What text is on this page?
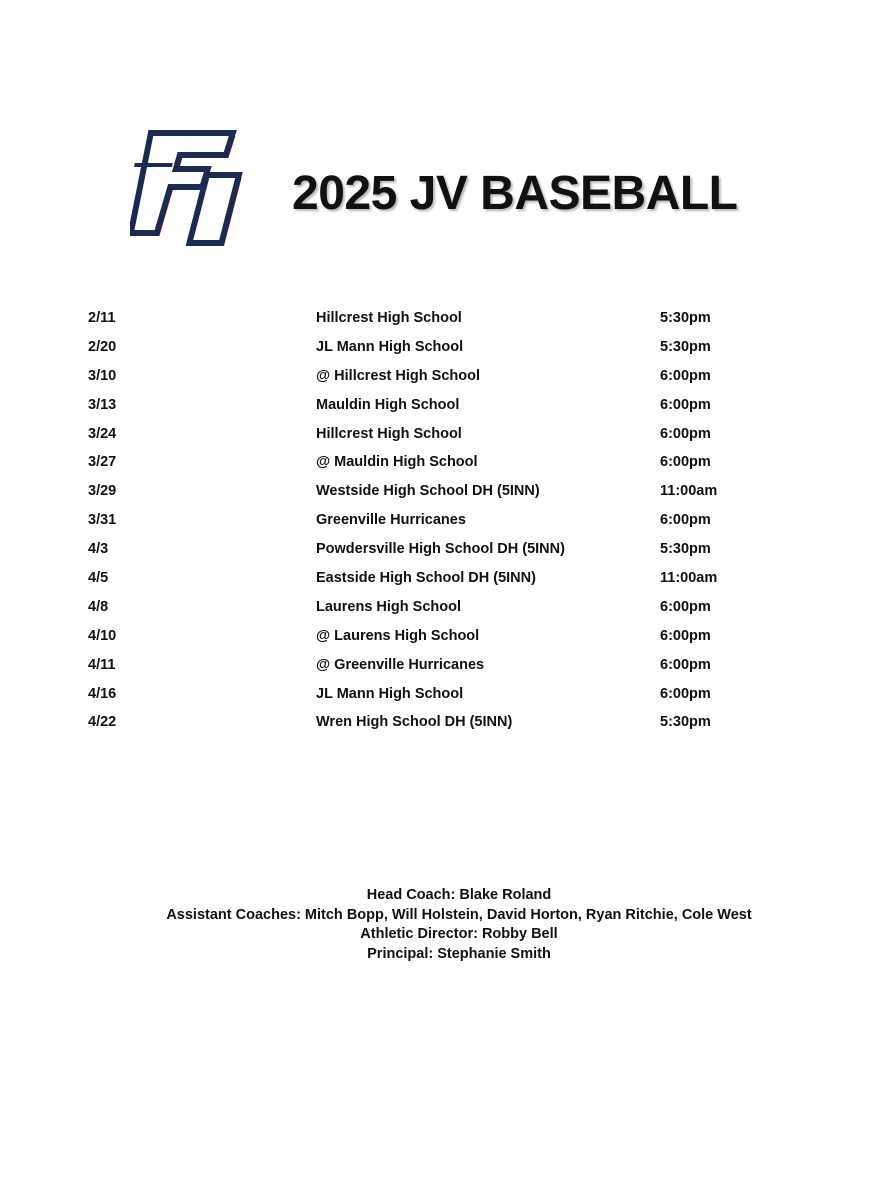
2025 JV BASEBALL
2/11	Hillcrest High School	5:30pm
2/20	JL Mann High School	5:30pm
3/10	@ Hillcrest High School	6:00pm
3/13	Mauldin High School	6:00pm
3/24	Hillcrest High School	6:00pm
3/27	@ Mauldin High School	6:00pm
3/29	Westside High School DH (5INN)	11:00am
3/31	Greenville Hurricanes	6:00pm
4/3	Powdersville High School DH (5INN)	5:30pm
4/5	Eastside High School DH (5INN)	11:00am
4/8	Laurens High School	6:00pm
4/10	@ Laurens High School	6:00pm
4/11	@ Greenville Hurricanes	6:00pm
4/16	JL Mann High School	6:00pm
4/22	Wren High School DH (5INN)	5:30pm
Head Coach: Blake Roland
Assistant Coaches: Mitch Bopp, Will Holstein, David Horton, Ryan Ritchie, Cole West
Athletic Director: Robby Bell
Principal: Stephanie Smith
